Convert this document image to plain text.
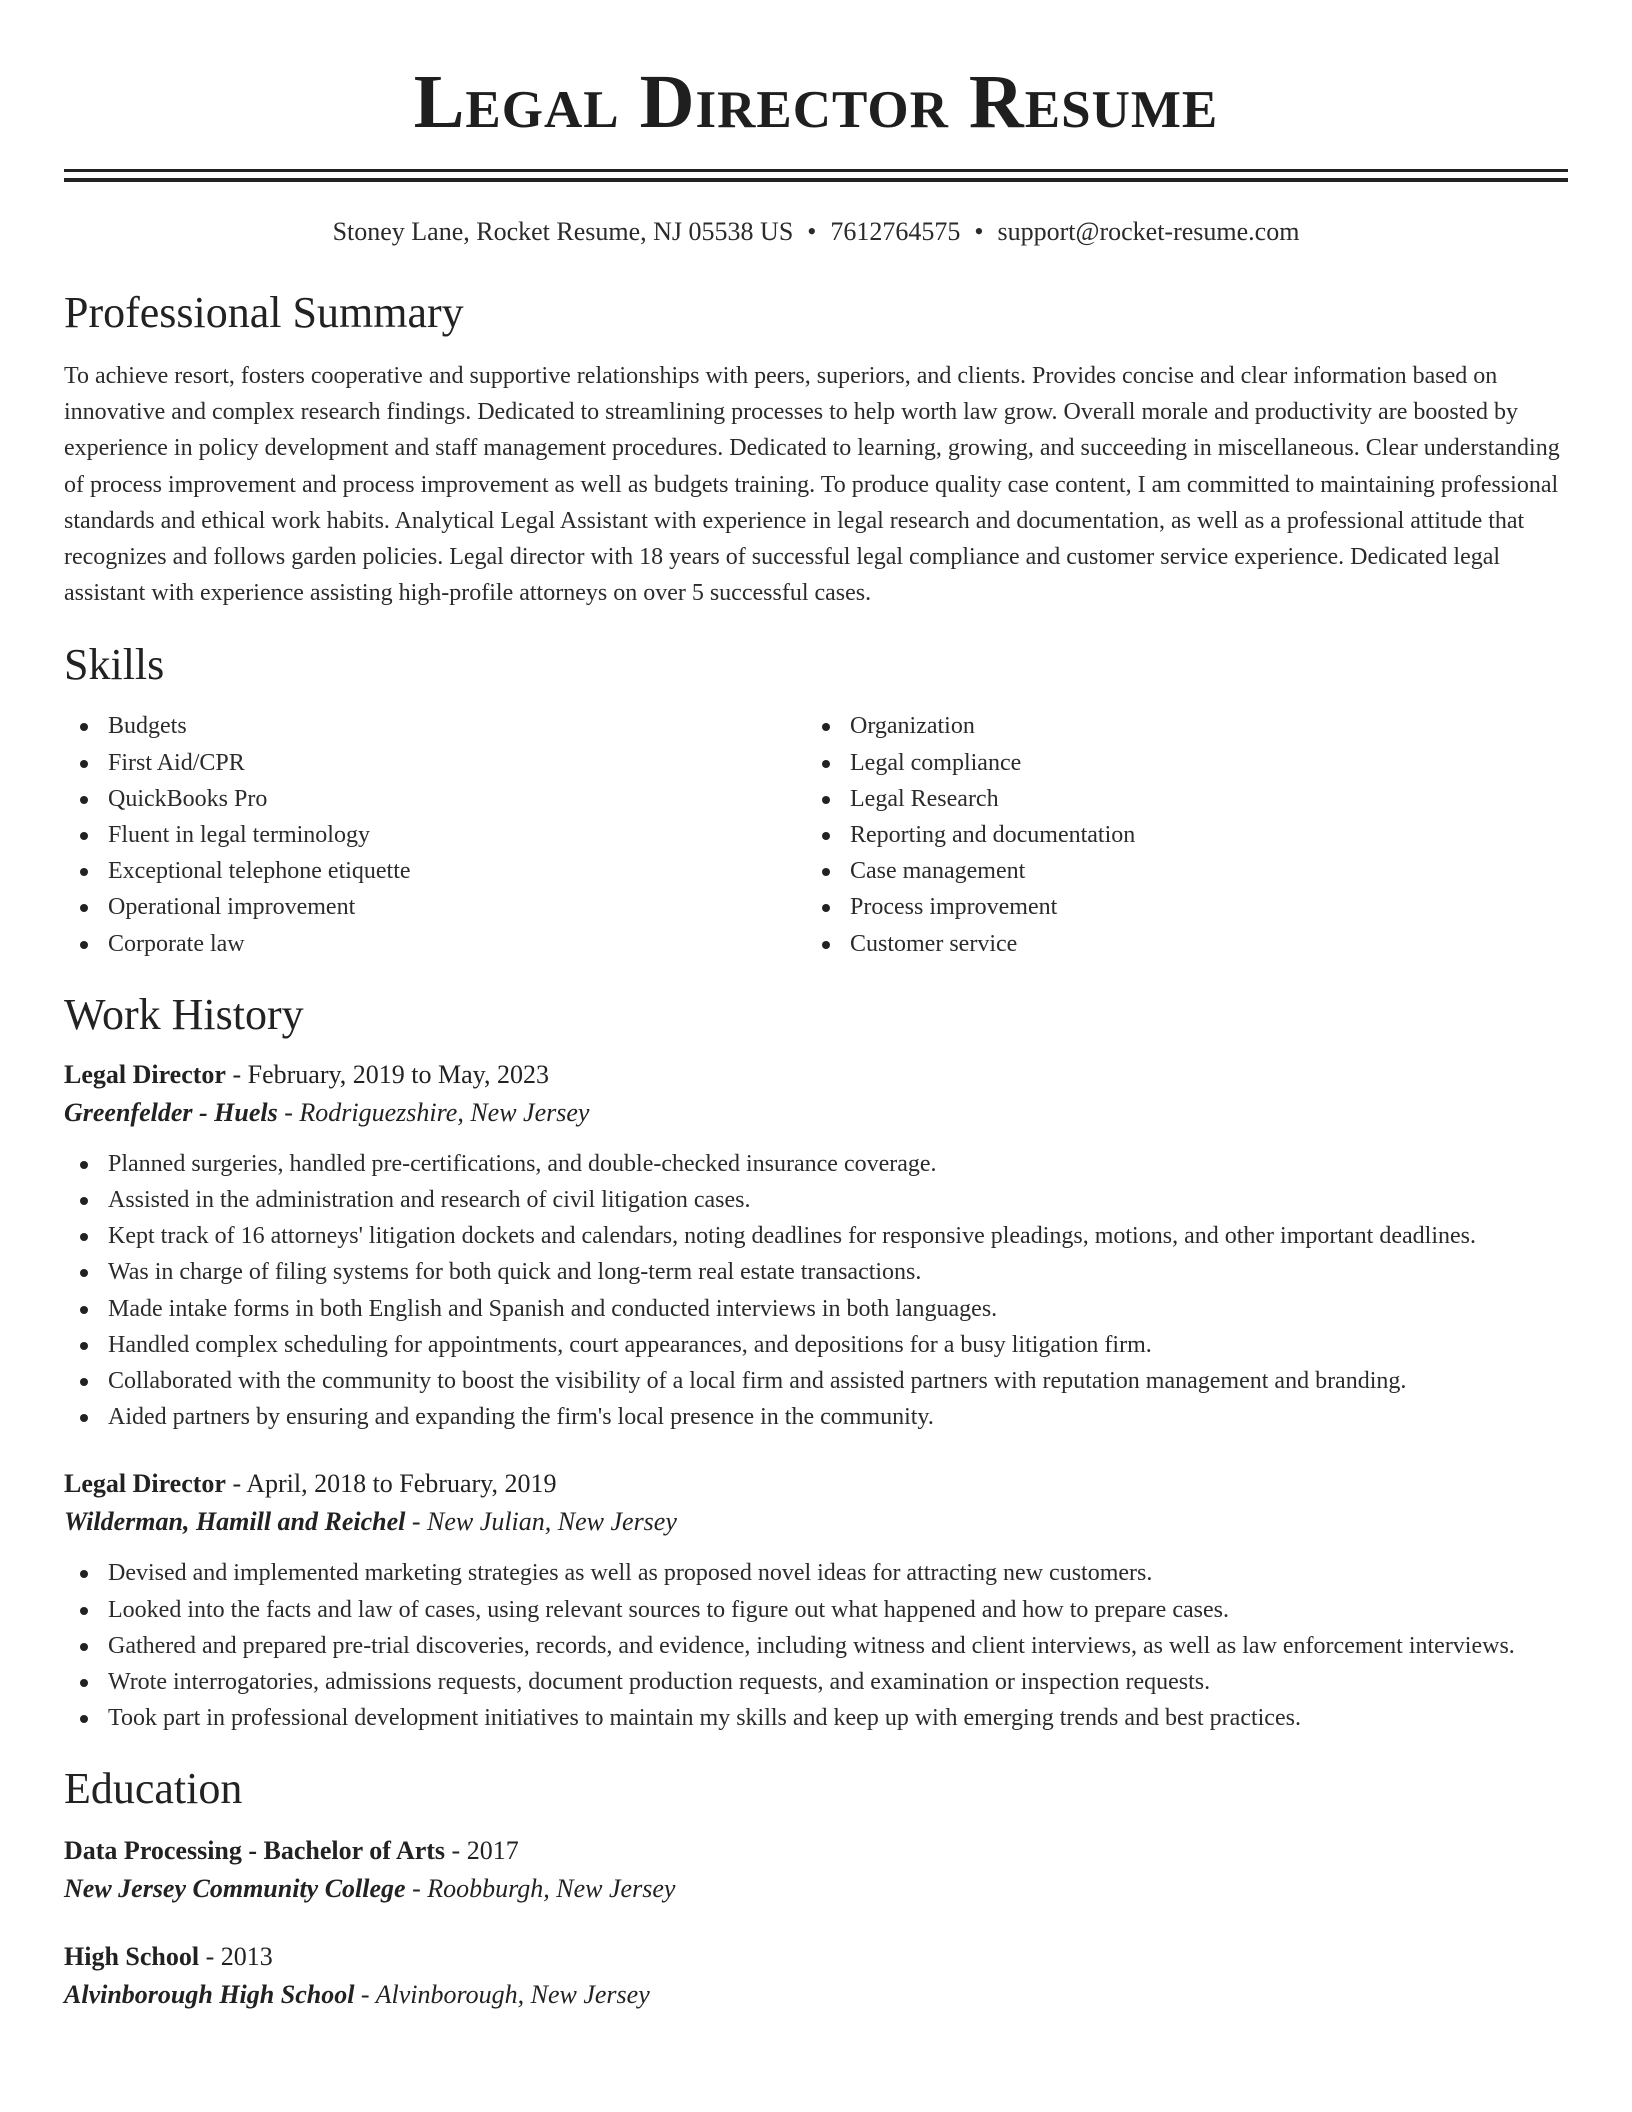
Legal Director Resume
Stoney Lane, Rocket Resume, NJ 05538 US • 7612764575 • support@rocket-resume.com
Professional Summary

To achieve resort, fosters cooperative and supportive relationships with peers, superiors, and clients. Provides concise and clear information based on innovative and complex research findings. Dedicated to streamlining processes to help worth law grow. Overall morale and productivity are boosted by experience in policy development and staff management procedures. Dedicated to learning, growing, and succeeding in miscellaneous. Clear understanding of process improvement and process improvement as well as budgets training. To produce quality case content, I am committed to maintaining professional standards and ethical work habits. Analytical Legal Assistant with experience in legal research and documentation, as well as a professional attitude that recognizes and follows garden policies. Legal director with 18 years of successful legal compliance and customer service experience. Dedicated legal assistant with experience assisting high-profile attorneys on over 5 successful cases.

Skills
Budgets
First Aid/CPR
QuickBooks Pro
Fluent in legal terminology
Exceptional telephone etiquette
Operational improvement
Corporate law
Organization
Legal compliance
Legal Research
Reporting and documentation
Case management
Process improvement
Customer service
Work History
Legal Director - February, 2019 to May, 2023
Greenfelder - Huels - Rodriguezshire, New Jersey
Planned surgeries, handled pre-certifications, and double-checked insurance coverage.
Assisted in the administration and research of civil litigation cases.
Kept track of 16 attorneys' litigation dockets and calendars, noting deadlines for responsive pleadings, motions, and other important deadlines.
Was in charge of filing systems for both quick and long-term real estate transactions.
Made intake forms in both English and Spanish and conducted interviews in both languages.
Handled complex scheduling for appointments, court appearances, and depositions for a busy litigation firm.
Collaborated with the community to boost the visibility of a local firm and assisted partners with reputation management and branding.
Aided partners by ensuring and expanding the firm's local presence in the community.
Legal Director - April, 2018 to February, 2019
Wilderman, Hamill and Reichel - New Julian, New Jersey
Devised and implemented marketing strategies as well as proposed novel ideas for attracting new customers.
Looked into the facts and law of cases, using relevant sources to figure out what happened and how to prepare cases.
Gathered and prepared pre-trial discoveries, records, and evidence, including witness and client interviews, as well as law enforcement interviews.
Wrote interrogatories, admissions requests, document production requests, and examination or inspection requests.
Took part in professional development initiatives to maintain my skills and keep up with emerging trends and best practices.
Education
Data Processing - Bachelor of Arts - 2017
New Jersey Community College - Roobburgh, New Jersey
High School - 2013
Alvinborough High School - Alvinborough, New Jersey
